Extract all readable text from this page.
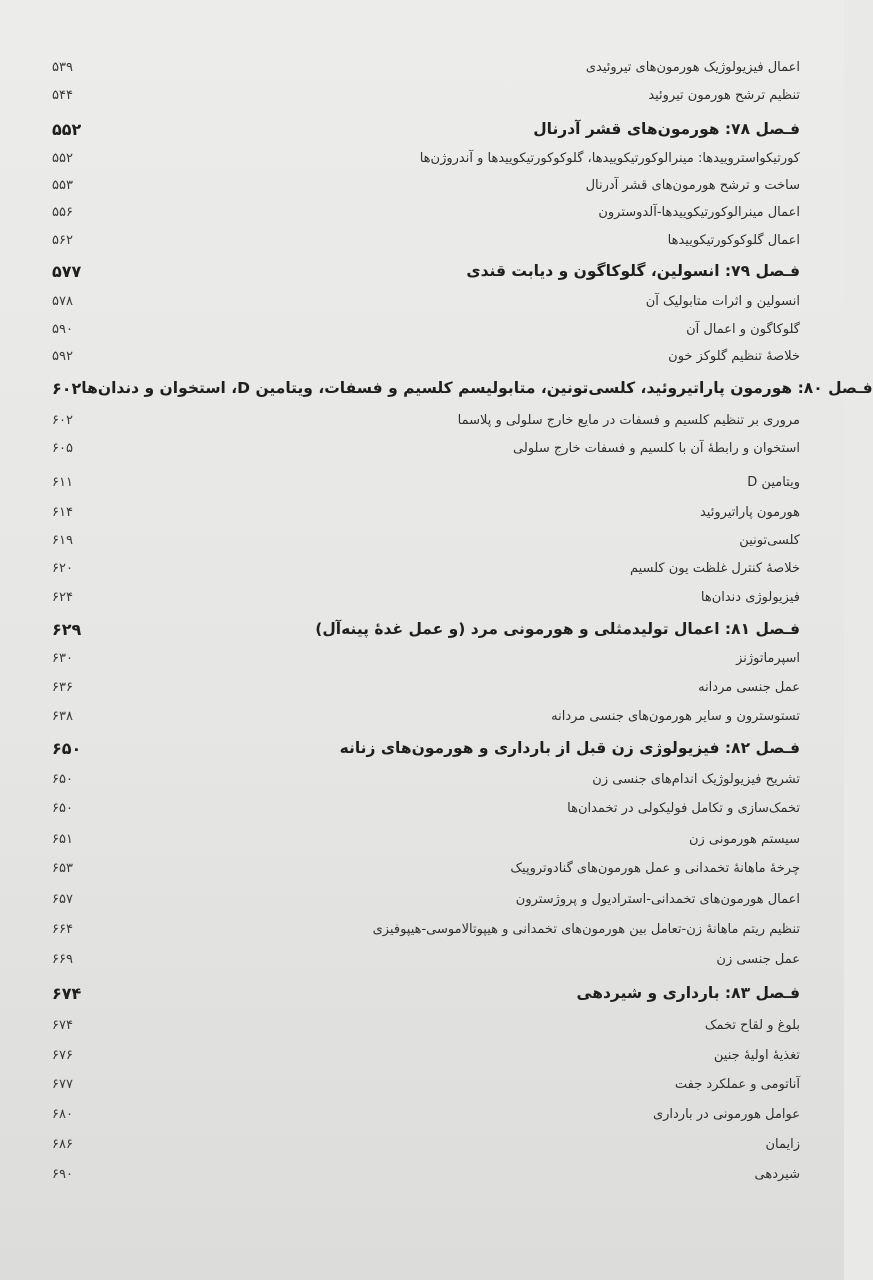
۵۳۹	اعمال فیزیولوژیک هورمون‌های تیروئیدی
۵۴۴	تنظیم ترشح هورمون تیروئید
۵۵۲	فـصل ۷۸: هورمون‌های قشر آدرنال
۵۵۲	کورتیکواستروییدها: مینرالوکورتیکوییدها، گلوکوکورتیکوییدها و آندروژن‌ها
۵۵۳	ساخت و ترشح هورمون‌های قشر آدرنال
۵۵۶	اعمال مینرالوکورتیکوییدها-آلدوسترون
۵۶۲	اعمال گلوکوکورتیکوییدها
۵۷۷	فـصل ۷۹: انسولین، گلوکاگون و دیابت قندی
۵۷۸	انسولین و اثرات متابولیک آن
۵۹۰	گلوکاگون و اعمال آن
۵۹۲	خلاصهٔ تنظیم گلوکز خون
۶۰۲ فـصل ۸۰: هورمون پاراتیروئید، کلسی‌تونین، متابولیسم کلسیم و فسفات، ویتامین D، استخوان و دندان‌ها
۶۰۲	مروری بر تنظیم کلسیم و فسفات در مایع خارج سلولی و پلاسما
۶۰۵	استخوان و رابطهٔ آن با کلسیم و فسفات خارج سلولی
۶۱۱	ویتامین D
۶۱۴	هورمون پاراتیروئید
۶۱۹	کلسی‌تونین
۶۲۰	خلاصهٔ کنترل غلظت یون کلسیم
۶۲۴	فیزیولوژی دندان‌ها
۶۲۹	فـصل ۸۱: اعمال تولیدمثلی و هورمونی مرد (و عمل غدهٔ پینه‌آل)
۶۳۰	اسپرماتوژنز
۶۳۶	عمل جنسی مردانه
۶۳۸	تستوسترون و سایر هورمون‌های جنسی مردانه
۶۵۰	فـصل ۸۲: فیزیولوژی زن قبل از بارداری و هورمون‌های زنانه
۶۵۰	تشریح فیزیولوژیک اندام‌های جنسی زن
۶۵۰	تخمک‌سازی و تکامل فولیکولی در تخمدان‌ها
۶۵۱	سیستم هورمونی زن
۶۵۳	چرخهٔ ماهانهٔ تخمدانی و عمل هورمون‌های گنادوتروپیک
۶۵۷	اعمال هورمون‌های تخمدانی-استرادیول و پروژسترون
۶۶۴	تنظیم ریتم ماهانهٔ زن-تعامل بین هورمون‌های تخمدانی و هیپوتالاموسی-هیپوفیزی
۶۶۹	عمل جنسی زن
۶۷۴	فـصل ۸۳: بارداری و شیردهی
۶۷۴	بلوغ و لقاح تخمک
۶۷۶	تغذیهٔ اولیهٔ جنین
۶۷۷	آناتومی و عملکرد جفت
۶۸۰	عوامل هورمونی در بارداری
۶۸۶	زایمان
۶۹۰	شیردهی
